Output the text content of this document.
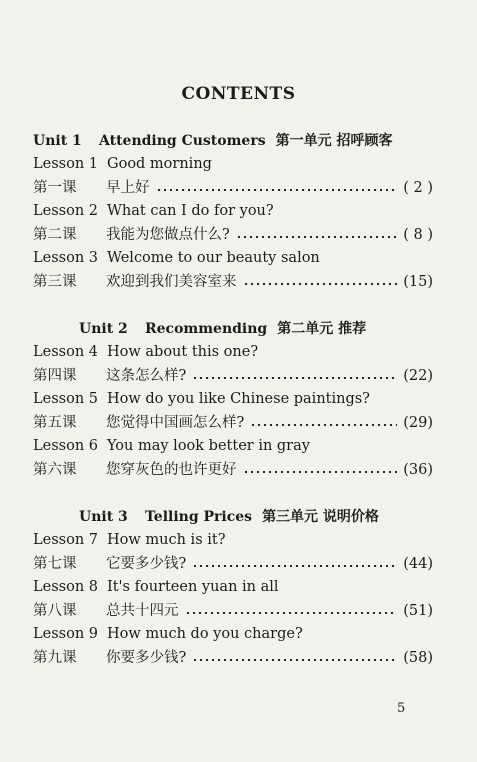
CONTENTS
Unit 1 Attending Customers 第一单元 招呼顾客
Lesson 1 Good morning
第一课 早上好	( 2 )
Lesson 2 What can I do for you?
第二课 我能为您做点什么?	( 8 )
Lesson 3 Welcome to our beauty salon
第三课 欢迎到我们美容室来	(15)
Unit 2 Recommending 第二单元 推荐
Lesson 4 How about this one?
第四课 这条怎么样?	(22)
Lesson 5 How do you like Chinese paintings?
第五课 您觉得中国画怎么样?	(29)
Lesson 6 You may look better in gray
第六课 您穿灰色的也许更好	(36)
Unit 3 Telling Prices 第三单元 说明价格
Lesson 7 How much is it?
第七课 它要多少钱?	(44)
Lesson 8 It's fourteen yuan in all
第八课 总共十四元	(51)
Lesson 9 How much do you charge?
第九课 你要多少钱?	(58)
5
